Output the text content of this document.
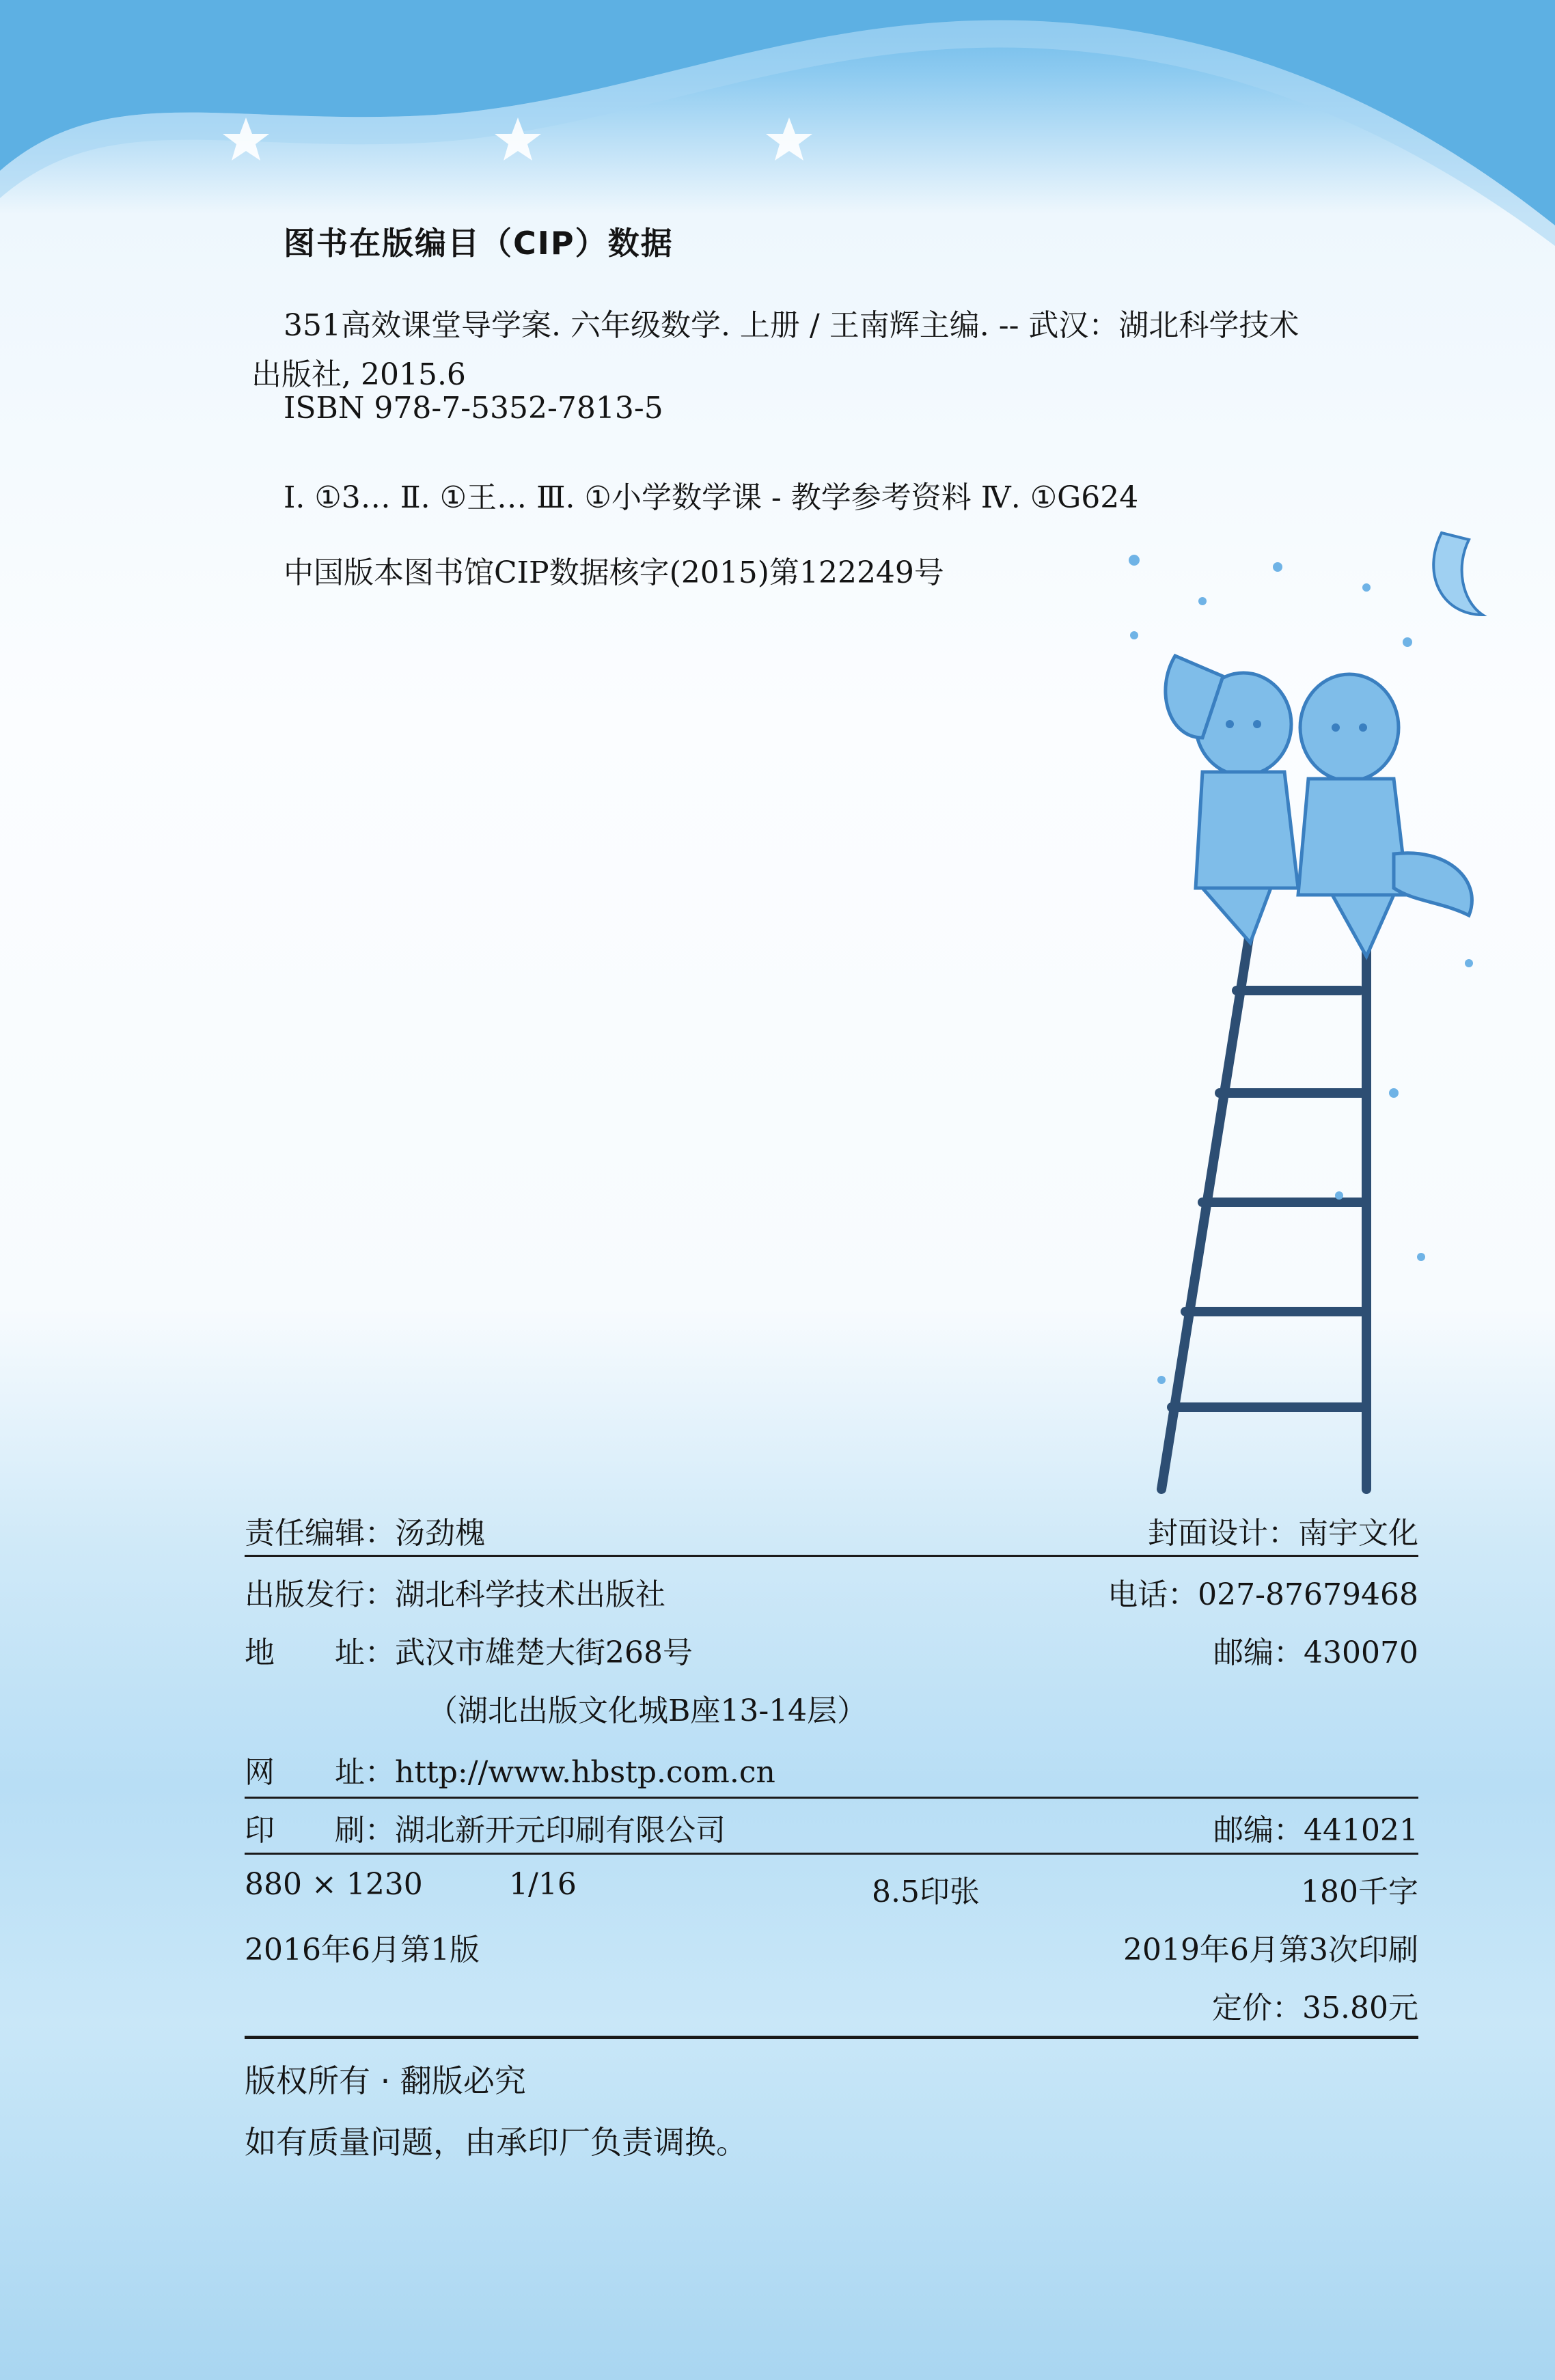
图书在版编目（CIP）数据
351高效课堂导学案. 六年级数学. 上册 / 王南辉主编. -- 武汉：湖北科学技术
出版社, 2015.6
ISBN 978-7-5352-7813-5
Ⅰ. ①3… Ⅱ. ①王… Ⅲ. ①小学数学课 - 教学参考资料 Ⅳ. ①G624
中国版本图书馆CIP数据核字(2015)第122249号
责任编辑：汤劲槐	封面设计：南宇文化
出版发行：湖北科学技术出版社	电话：027-87679468
地　　址：武汉市雄楚大街268号	邮编：430070
（湖北出版文化城B座13-14层）
网　　址：http://www.hbstp.com.cn
印　　刷：湖北新开元印刷有限公司	邮编：441021
880 × 1230	1/16	8.5印张	180千字
2016年6月第1版	2019年6月第3次印刷
定价：35.80元
版权所有 · 翻版必究
如有质量问题，由承印厂负责调换。
